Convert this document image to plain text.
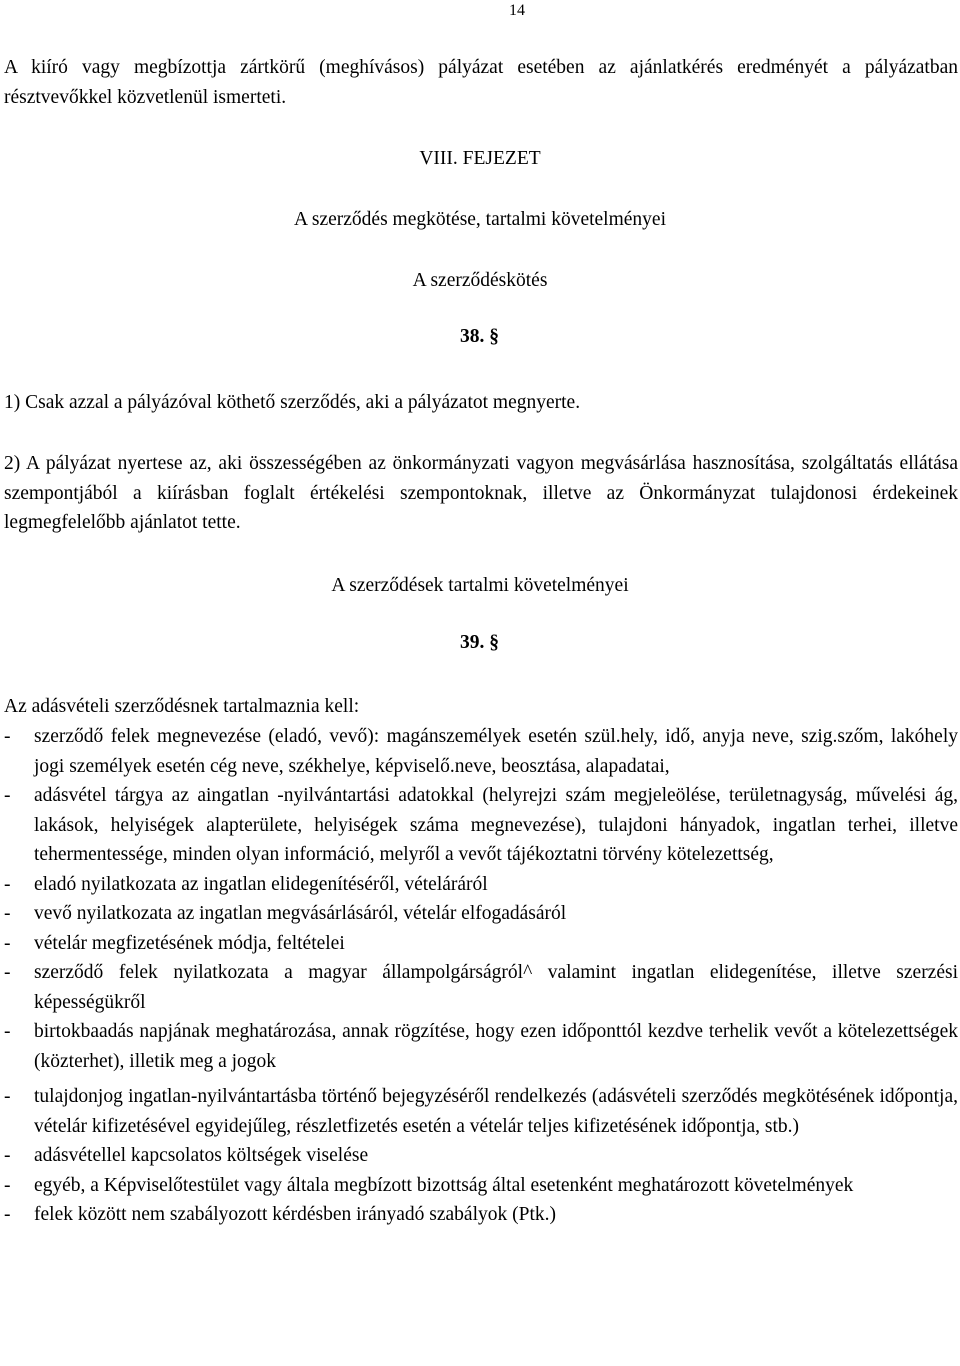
14
A kiíró vagy megbízottja zártkörű (meghívásos) pályázat esetében az ajánlatkérés eredményét a pályázatban résztvevőkkel közvetlenül ismerteti.
VIII. FEJEZET
A szerződés megkötése, tartalmi követelményei
A szerződéskötés
38. §
1) Csak azzal a pályázóval köthető szerződés, aki a pályázatot megnyerte.
2) A pályázat nyertese az, aki összességében az önkormányzati vagyon megvásárlása hasznosítása, szolgáltatás ellátása szempontjából a kiírásban foglalt értékelési szempontoknak, illetve az Önkormányzat tulajdonosi érdekeinek legmegfelelőbb ajánlatot tette.
A szerződések tartalmi követelményei
39. §
Az adásvételi szerződésnek tartalmaznia kell:
- szerződő felek megnevezése (eladó, vevő): magánszemélyek esetén szül.hely, idő, anyja neve, szig.szőm, lakóhely jogi személyek esetén cég neve, székhelye, képviselő.neve, beosztása, alapadatai,
- adásvétel tárgya az aingatlan -nyilvántartási adatokkal (helyrejzi szám megjeleölése, területnagyság, művelési ág, lakások, helyiségek alapterülete, helyiségek száma megnevezése), tulajdoni hányadok, ingatlan terhei, illetve tehermentessége, minden olyan információ, melyről a vevőt tájékoztatni törvény kötelezettség,
- eladó nyilatkozata az ingatlan elidegenítéséről, vételáráról
- vevő nyilatkozata az ingatlan megvásárlásáról, vételár elfogadásáról
- vételár megfizetésének módja, feltételei
- szerződő felek nyilatkozata a magyar állampolgárságról^ valamint ingatlan elidegenítése, illetve szerzési képességükről
- birtokbaadás napjának meghatározása, annak rögzítése, hogy ezen időponttól kezdve terhelik vevőt a kötelezettségek (közterhet), illetik meg a jogok
- tulajdonjog ingatlan-nyilvántartásba történő bejegyzéséről rendelkezés (adásvételi szerződés megkötésének időpontja, vételár kifizetésével egyidejűleg, részletfizetés esetén a vételár teljes kifizetésének időpontja, stb.)
- adásvétellel kapcsolatos költségek viselése
- egyéb, a Képviselőtestület vagy általa megbízott bizottság által esetenként meghatározott követelmények
- felek között nem szabályozott kérdésben irányadó szabályok (Ptk.)
